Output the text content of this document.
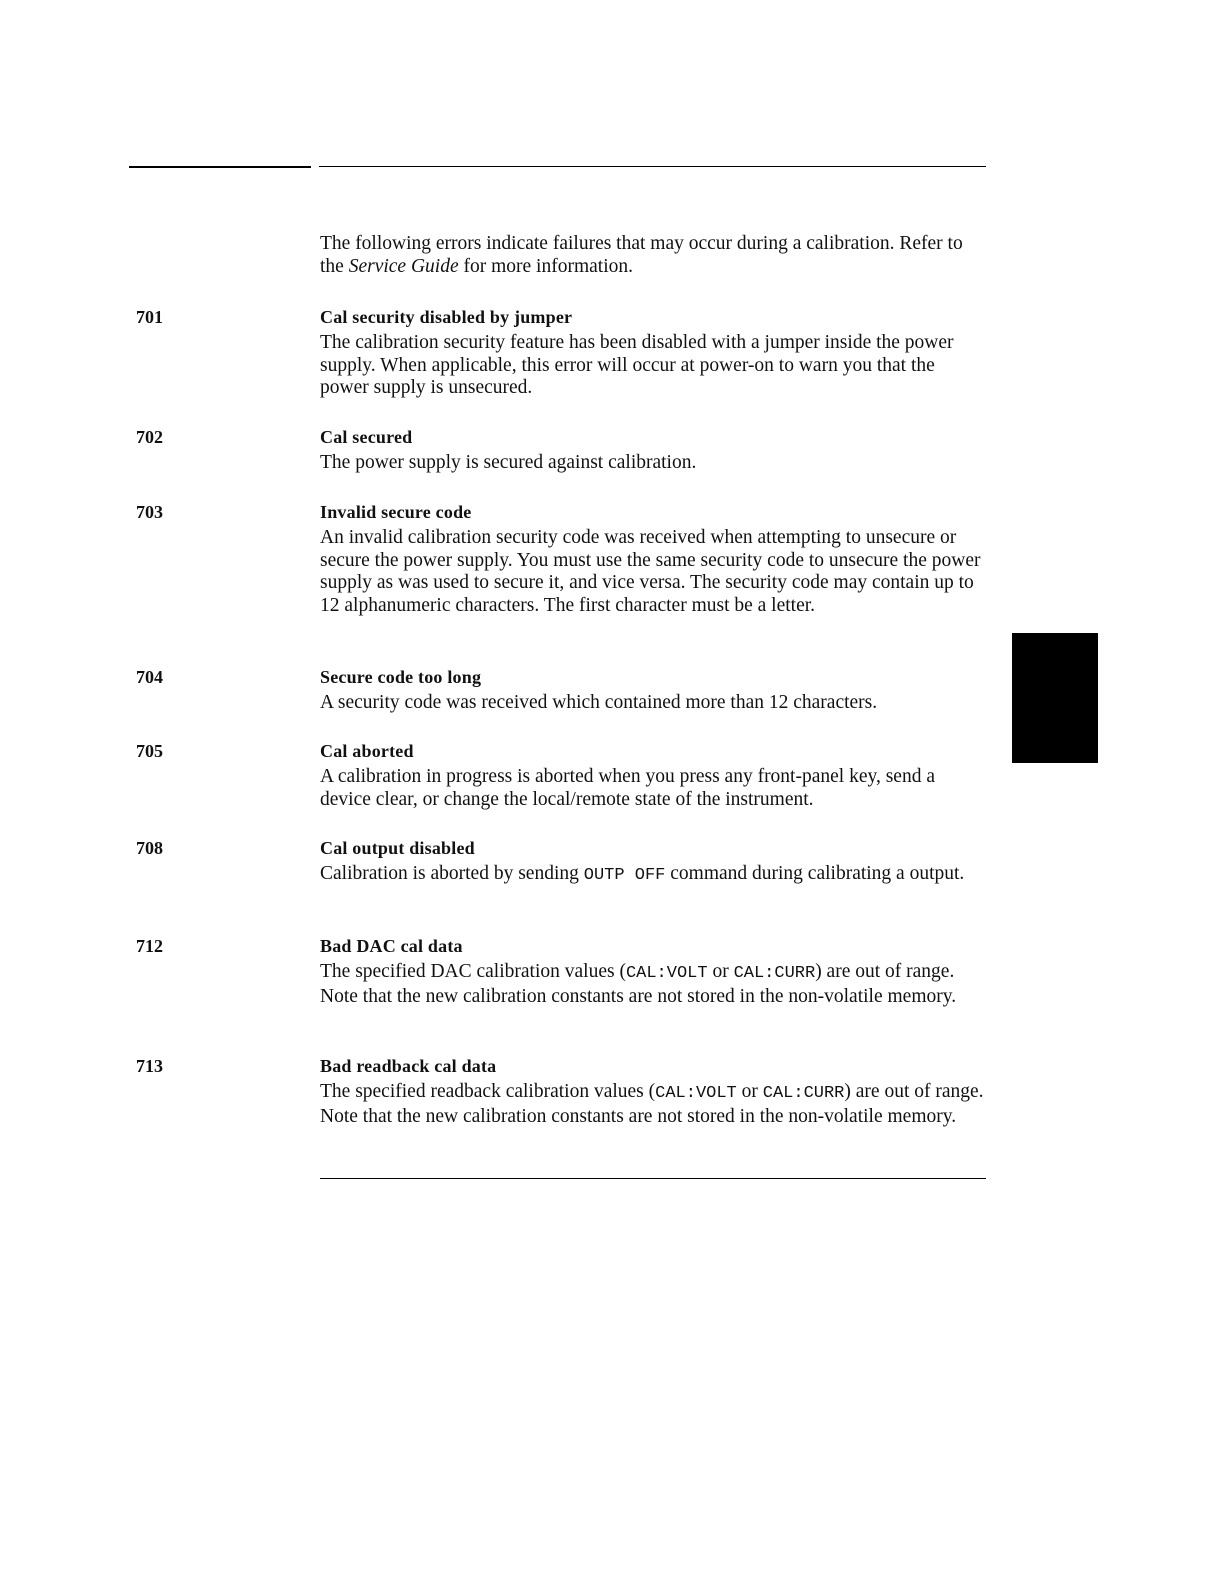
The following errors indicate failures that may occur during a calibration. Refer to the Service Guide for more information.

701	Cal security disabled by jumper

The calibration security feature has been disabled with a jumper inside the power supply. When applicable, this error will occur at power-on to warn you that the power supply is unsecured.

702	Cal secured

The power supply is secured against calibration.

703	Invalid secure code

An invalid calibration security code was received when attempting to unsecure or secure the power supply. You must use the same security code to unsecure the power supply as was used to secure it, and vice versa. The security code may contain up to 12 alphanumeric characters. The first character must be a letter.

704	Secure code too long

A security code was received which contained more than 12 characters.

705	Cal aborted

A calibration in progress is aborted when you press any front-panel key, send a device clear, or change the local/remote state of the instrument.

708	Cal output disabled

Calibration is aborted by sending OUTP OFF command during calibrating a output.

712	Bad DAC cal data

The specified DAC calibration values (CAL:VOLT or CAL:CURR) are out of range. Note that the new calibration constants are not stored in the non-volatile memory.

713	Bad readback cal data

The specified readback calibration values (CAL:VOLT or CAL:CURR) are out of range. Note that the new calibration constants are not stored in the non-volatile memory.
